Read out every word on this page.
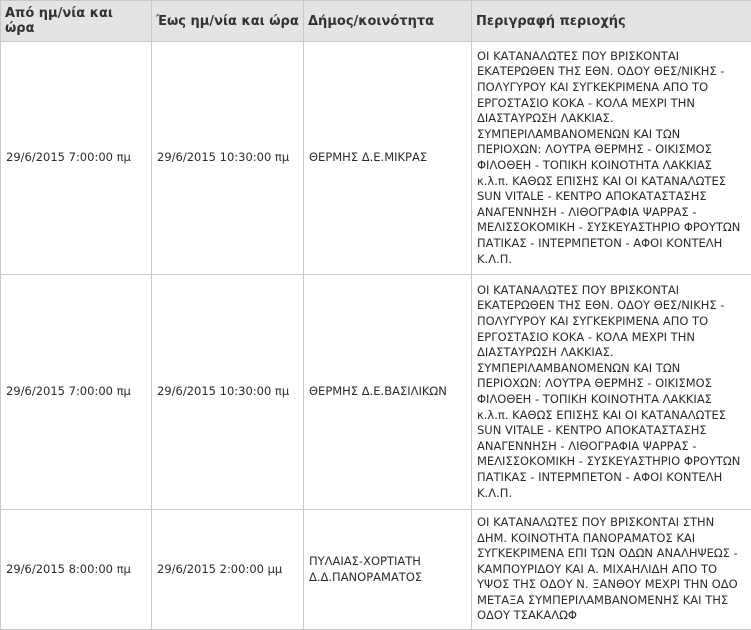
Από ημ/νία και ώρα	Έως ημ/νία και ώρα	Δήμος/κοινότητα	Περιγραφή περιοχής
29/6/2015 7:00:00 πμ	29/6/2015 10:30:00 πμ	ΘΕΡΜΗΣ Δ.Ε.ΜΙΚΡΑΣ	ΟΙ ΚΑΤΑΝΑΛΩΤΕΣ ΠΟΥ ΒΡΙΣΚΟΝΤΑΙ ΕΚΑΤΕΡΩΘΕΝ ΤΗΣ ΕΘΝ. ΟΔΟΥ ΘΕΣ/ΝΙΚΗΣ - ΠΟΛΥΓΥΡΟΥ ΚΑΙ ΣΥΓΚΕΚΡΙΜΕΝΑ ΑΠΟ ΤΟ ΕΡΓΟΣΤΑΣΙΟ ΚΟΚΑ - ΚΟΛΑ ΜΕΧΡΙ ΤΗΝ ΔΙΑΣΤΑΥΡΩΣΗ ΛΑΚΚΙΑΣ. ΣΥΜΠΕΡΙΛΑΜΒΑΝΟΜΕΝΩΝ ΚΑΙ ΤΩΝ ΠΕΡΙΟΧΩΝ: ΛΟΥΤΡΑ ΘΕΡΜΗΣ - ΟΙΚΙΣΜΟΣ ΦΙΛΟΘΕΗ - ΤΟΠΙΚΗ ΚΟΙΝΟΤΗΤΑ ΛΑΚΚΙΑΣ κ.λ.π. ΚΑΘΩΣ ΕΠΙΣΗΣ ΚΑΙ ΟΙ ΚΑΤΑΝΑΛΩΤΕΣ SUN VITALE - ΚΕΝΤΡΟ ΑΠΟΚΑΤΑΣΤΑΣΗΣ ΑΝΑΓΕΝΝΗΣΗ - ΛΙΘΟΓΡΑΦΙΑ ΨΑΡΡΑΣ - ΜΕΛΙΣΣΟΚΟΜΙΚΗ - ΣΥΣΚΕΥΑΣΤΗΡΙΟ ΦΡΟΥΤΩΝ ΠΑΤΙΚΑΣ - ΙΝΤΕΡΜΠΕΤΟΝ - ΑΦΟΙ ΚΟΝΤΕΛΗ Κ.Λ.Π.
29/6/2015 7:00:00 πμ	29/6/2015 10:30:00 πμ	ΘΕΡΜΗΣ Δ.Ε.ΒΑΣΙΛΙΚΩΝ	ΟΙ ΚΑΤΑΝΑΛΩΤΕΣ ΠΟΥ ΒΡΙΣΚΟΝΤΑΙ ΕΚΑΤΕΡΩΘΕΝ ΤΗΣ ΕΘΝ. ΟΔΟΥ ΘΕΣ/ΝΙΚΗΣ - ΠΟΛΥΓΥΡΟΥ ΚΑΙ ΣΥΓΚΕΚΡΙΜΕΝΑ ΑΠΟ ΤΟ ΕΡΓΟΣΤΑΣΙΟ ΚΟΚΑ - ΚΟΛΑ ΜΕΧΡΙ ΤΗΝ ΔΙΑΣΤΑΥΡΩΣΗ ΛΑΚΚΙΑΣ. ΣΥΜΠΕΡΙΛΑΜΒΑΝΟΜΕΝΩΝ ΚΑΙ ΤΩΝ ΠΕΡΙΟΧΩΝ: ΛΟΥΤΡΑ ΘΕΡΜΗΣ - ΟΙΚΙΣΜΟΣ ΦΙΛΟΘΕΗ - ΤΟΠΙΚΗ ΚΟΙΝΟΤΗΤΑ ΛΑΚΚΙΑΣ κ.λ.π. ΚΑΘΩΣ ΕΠΙΣΗΣ ΚΑΙ ΟΙ ΚΑΤΑΝΑΛΩΤΕΣ SUN VITALE - ΚΕΝΤΡΟ ΑΠΟΚΑΤΑΣΤΑΣΗΣ ΑΝΑΓΕΝΝΗΣΗ - ΛΙΘΟΓΡΑΦΙΑ ΨΑΡΡΑΣ - ΜΕΛΙΣΣΟΚΟΜΙΚΗ - ΣΥΣΚΕΥΑΣΤΗΡΙΟ ΦΡΟΥΤΩΝ ΠΑΤΙΚΑΣ - ΙΝΤΕΡΜΠΕΤΟΝ - ΑΦΟΙ ΚΟΝΤΕΛΗ Κ.Λ.Π.
29/6/2015 8:00:00 πμ	29/6/2015 2:00:00 μμ	ΠΥΛΑΙΑΣ-ΧΟΡΤΙΑΤΗ Δ.Δ.ΠΑΝΟΡΑΜΑΤΟΣ	ΟΙ ΚΑΤΑΝΑΛΩΤΕΣ ΠΟΥ ΒΡΙΣΚΟΝΤΑΙ ΣΤΗΝ ΔΗΜ. ΚΟΙΝΟΤΗΤΑ ΠΑΝΟΡΑΜΑΤΟΣ ΚΑΙ ΣΥΓΚΕΚΡΙΜΕΝΑ ΕΠΙ ΤΩΝ ΟΔΩΝ ΑΝΑΛΗΨΕΩΣ - ΚΑΜΠΟΥΡΙΔΟΥ ΚΑΙ Α. ΜΙΧΑΗΛΙΔΗ ΑΠΟ ΤΟ ΥΨΟΣ ΤΗΣ ΟΔΟΥ Ν. ΞΑΝΘΟΥ ΜΕΧΡΙ ΤΗΝ ΟΔΟ ΜΕΤΑΞΑ ΣΥΜΠΕΡΙΛΑΜΒΑΝΟΜΕΝΗΣ ΚΑΙ ΤΗΣ ΟΔΟΥ ΤΣΑΚΑΛΩΦ
